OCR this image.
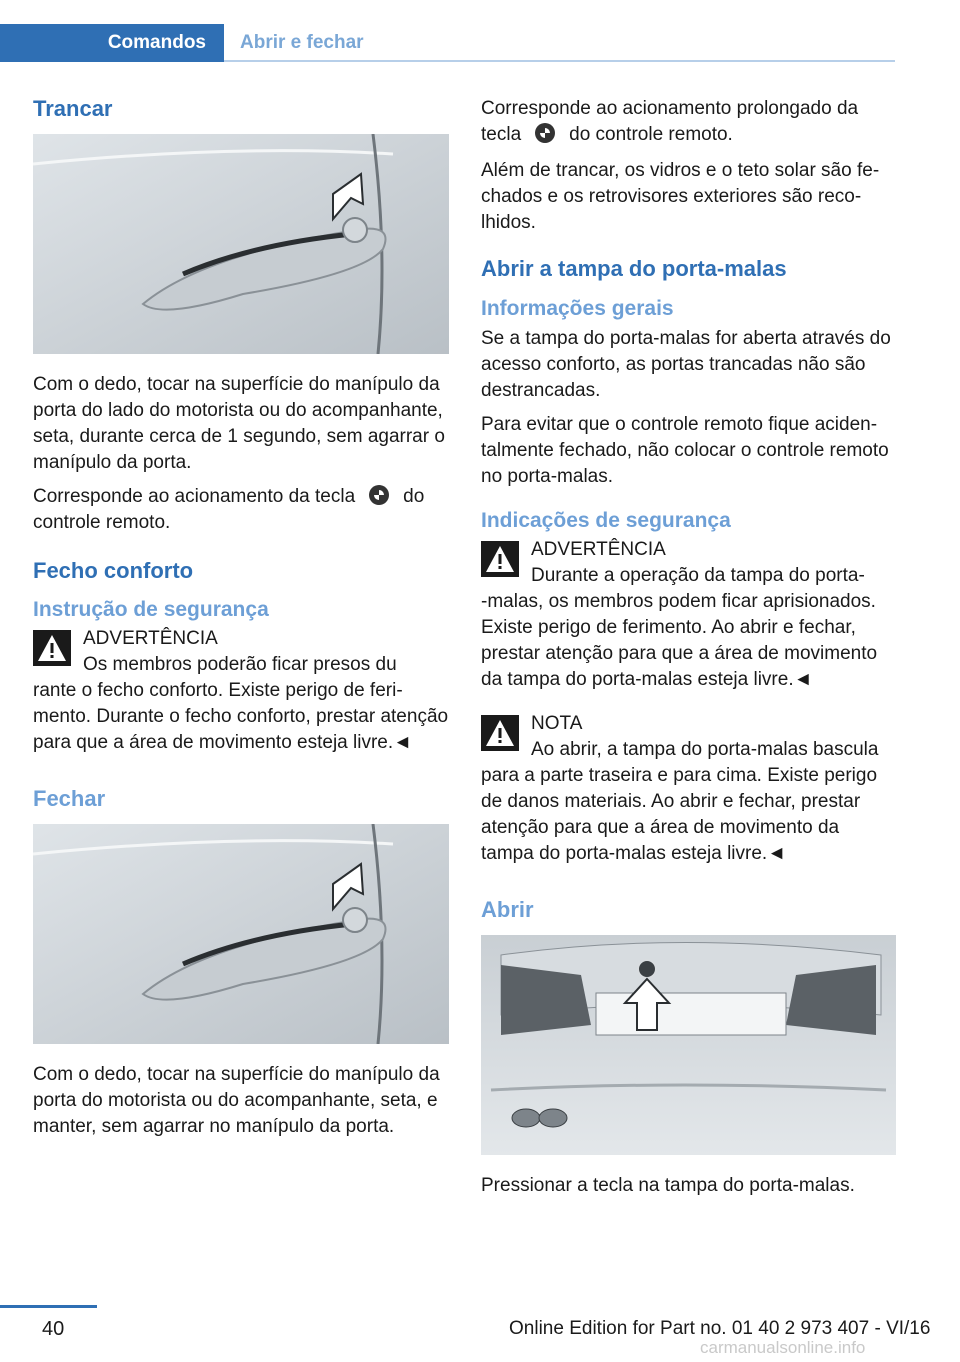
Comandos	Abrir e fechar
Trancar

Com o dedo, tocar na superfície do manípulo da porta do lado do motorista ou do acompanhante, seta, durante cerca de 1 segundo, sem agarrar o manípulo da porta.

Corresponde ao acionamento da tecla	do controle remoto.

Fecho conforto
Instrução de segurança
ADVERTÊNCIA
Os membros poderão ficar presos du
rante o fecho conforto. Existe perigo de ferimento. Durante o fecho conforto, prestar atenção para que a área de movimento esteja livre.◄
Fechar

Com o dedo, tocar na superfície do manípulo da porta do motorista ou do acompanhante, seta, e manter, sem agarrar no manípulo da porta.

Corresponde ao acionamento prolongado da tecla	do controle remoto.

Além de trancar, os vidros e o teto solar são fechados e os retrovisores exteriores são recolhidos.

Abrir a tampa do porta-malas
Informações gerais

Se a tampa do porta-malas for aberta através do acesso conforto, as portas trancadas não são destrancadas.

Para evitar que o controle remoto fique acidentalmente fechado, não colocar o controle remoto no porta-malas.

Indicações de segurança
ADVERTÊNCIA
Durante a operação da tampa do porta-
-malas, os membros podem ficar aprisionados. Existe perigo de ferimento. Ao abrir e fechar, prestar atenção para que a área de movimento da tampa do porta-malas esteja livre.◄
NOTA
Ao abrir, a tampa do porta-malas bascula
para a parte traseira e para cima. Existe perigo de danos materiais. Ao abrir e fechar, prestar atenção para que a área de movimento da tampa do porta-malas esteja livre.◄
Abrir

Pressionar a tecla na tampa do porta-malas.

40	Online Edition for Part no. 01 40 2 973 407 - VI/16
carmanualsonline.info
